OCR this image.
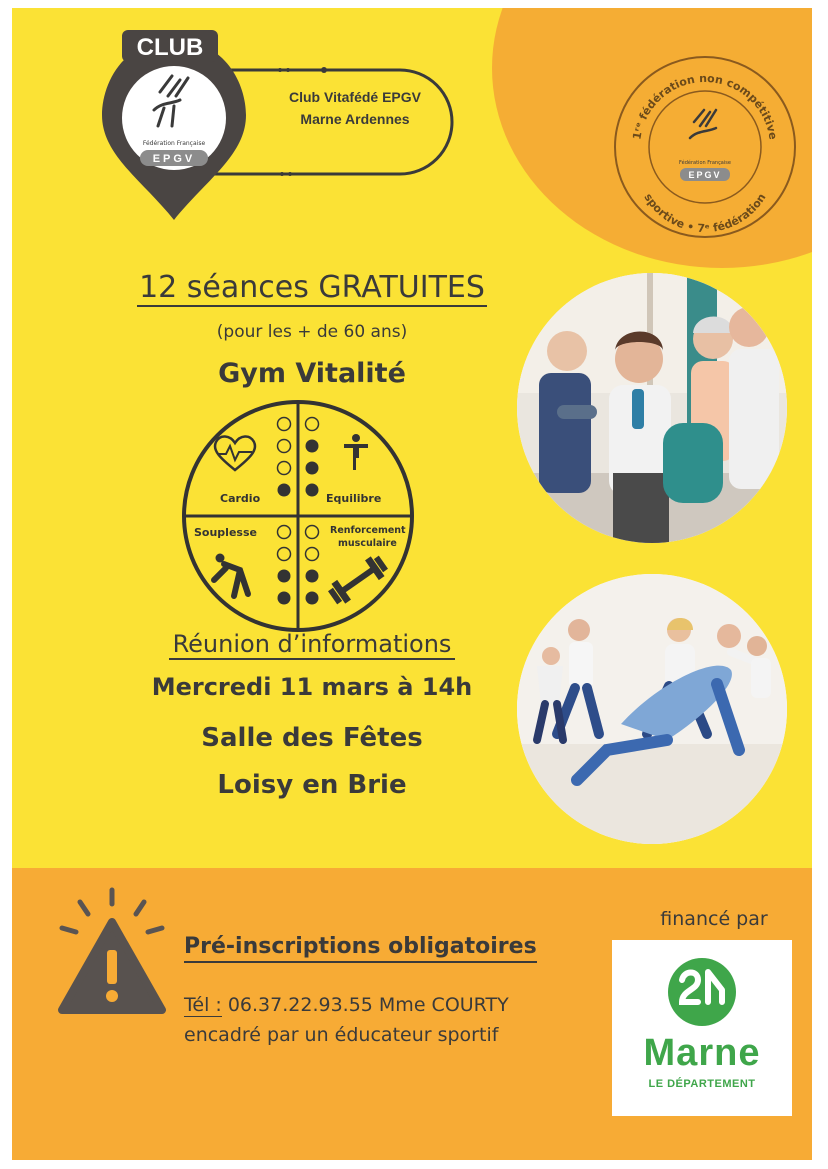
CLUB
Fédération Française
EPGV
Club Vitafédé EPGV
Marne Ardennes
1ʳᵉ fédération non compétitive
sportive • 7ᵉ fédération
Fédération Française
EPGV
12 séances GRATUITES
(pour les + de 60 ans)
Gym Vitalité
Cardio	Equilibre
Souplesse	Renforcement
musculaire
Réunion d’informations
Mercredi 11 mars à 14h
Salle des Fêtes
Loisy en Brie
Pré-inscriptions obligatoires
Tél : 06.37.22.93.55 Mme COURTY
encadré par un éducateur sportif
financé par
Marne
LE DÉPARTEMENT
